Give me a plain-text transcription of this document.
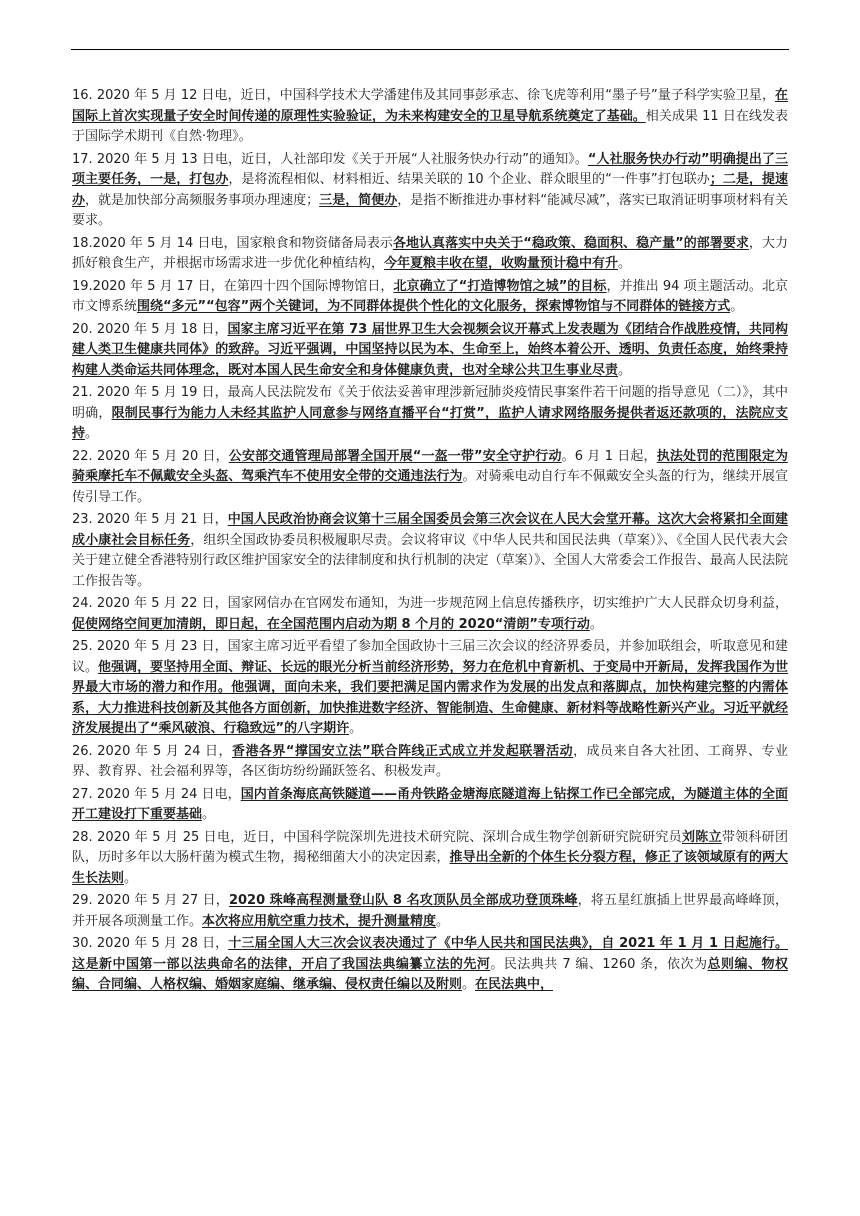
16. 2020 年 5 月 12 日电，近日，中国科学技术大学潘建伟及其同事彭承志、徐飞虎等利用“墨子号”量子科学实验卫星，在国际上首次实现量子安全时间传递的原理性实验验证，为未来构建安全的卫星导航系统奠定了基础。相关成果 11 日在线发表于国际学术期刊《自然·物理》。
17. 2020 年 5 月 13 日电，近日，人社部印发《关于开展“人社服务快办行动”的通知》。“人社服务快办行动”明确提出了三项主要任务，一是，打包办，是将流程相似、材料相近、结果关联的 10 个企业、群众眼里的“一件事”打包联办；二是，提速办，就是加快部分高频服务事项办理速度；三是，简便办，是指不断推进办事材料“能减尽减”，落实已取消证明事项材料有关要求。
18.2020 年 5 月 14 日电，国家粮食和物资储备局表示各地认真落实中央关于“稳政策、稳面积、稳产量”的部署要求，大力抓好粮食生产，并根据市场需求进一步优化种植结构，今年夏粮丰收在望，收购量预计稳中有升。
19.2020 年 5 月 17 日，在第四十四个国际博物馆日，北京确立了“打造博物馆之城”的目标，并推出 94 项主题活动。北京市文博系统围绕“多元”“包容”两个关键词，为不同群体提供个性化的文化服务，探索博物馆与不同群体的链接方式。
20. 2020 年 5 月 18 日，国家主席习近平在第 73 届世界卫生大会视频会议开幕式上发表题为《团结合作战胜疫情，共同构建人类卫生健康共同体》的致辞。习近平强调，中国坚持以民为本、生命至上，始终本着公开、透明、负责任态度，始终秉持构建人类命运共同体理念，既对本国人民生命安全和身体健康负责，也对全球公共卫生事业尽责。
21. 2020 年 5 月 19 日，最高人民法院发布《关于依法妥善审理涉新冠肺炎疫情民事案件若干问题的指导意见（二）》，其中明确，限制民事行为能力人未经其监护人同意参与网络直播平台“打赏”，监护人请求网络服务提供者返还款项的，法院应支持。
22. 2020 年 5 月 20 日，公安部交通管理局部署全国开展“一盔一带”安全守护行动。6 月 1 日起，执法处罚的范围限定为骑乘摩托车不佩戴安全头盔、驾乘汽车不使用安全带的交通违法行为。对骑乘电动自行车不佩戴安全头盔的行为，继续开展宣传引导工作。
23. 2020 年 5 月 21 日，中国人民政治协商会议第十三届全国委员会第三次会议在人民大会堂开幕。这次大会将紧扣全面建成小康社会目标任务，组织全国政协委员积极履职尽责。会议将审议《中华人民共和国民法典（草案）》、《全国人民代表大会关于建立健全香港特别行政区维护国家安全的法律制度和执行机制的决定（草案）》、全国人大常委会工作报告、最高人民法院工作报告等。
24. 2020 年 5 月 22 日，国家网信办在官网发布通知，为进一步规范网上信息传播秩序，切实维护广大人民群众切身利益，促使网络空间更加清朗，即日起，在全国范围内启动为期 8 个月的 2020“清朗”专项行动。
25. 2020 年 5 月 23 日，国家主席习近平看望了参加全国政协十三届三次会议的经济界委员，并参加联组会，听取意见和建议。他强调，要坚持用全面、辩证、长远的眼光分析当前经济形势，努力在危机中育新机、于变局中开新局，发挥我国作为世界最大市场的潜力和作用。他强调，面向未来，我们要把满足国内需求作为发展的出发点和落脚点，加快构建完整的内需体系，大力推进科技创新及其他各方面创新，加快推进数字经济、智能制造、生命健康、新材料等战略性新兴产业。习近平就经济发展提出了“乘风破浪、行稳致远”的八字期许。
26. 2020 年 5 月 24 日，香港各界“撑国安立法”联合阵线正式成立并发起联署活动，成员来自各大社团、工商界、专业界、教育界、社会福利界等，各区街坊纷纷踊跃签名、积极发声。
27. 2020 年 5 月 24 日电，国内首条海底高铁隧道——甬舟铁路金塘海底隧道海上钻探工作已全部完成，为隧道主体的全面开工建设打下重要基础。
28. 2020 年 5 月 25 日电，近日，中国科学院深圳先进技术研究院、深圳合成生物学创新研究院研究员刘陈立带领科研团队，历时多年以大肠杆菌为模式生物，揭秘细菌大小的决定因素，推导出全新的个体生长分裂方程，修正了该领域原有的两大生长法则。
29. 2020 年 5 月 27 日，2020 珠峰高程测量登山队 8 名攻顶队员全部成功登顶珠峰，将五星红旗插上世界最高峰峰顶，并开展各项测量工作。本次将应用航空重力技术，提升测量精度。
30. 2020 年 5 月 28 日，十三届全国人大三次会议表决通过了《中华人民共和国民法典》，自 2021 年 1 月 1 日起施行。这是新中国第一部以法典命名的法律，开启了我国法典编纂立法的先河。民法典共 7 编、1260 条，依次为总则编、物权编、合同编、人格权编、婚姻家庭编、继承编、侵权责任编以及附则。在民法典中，
